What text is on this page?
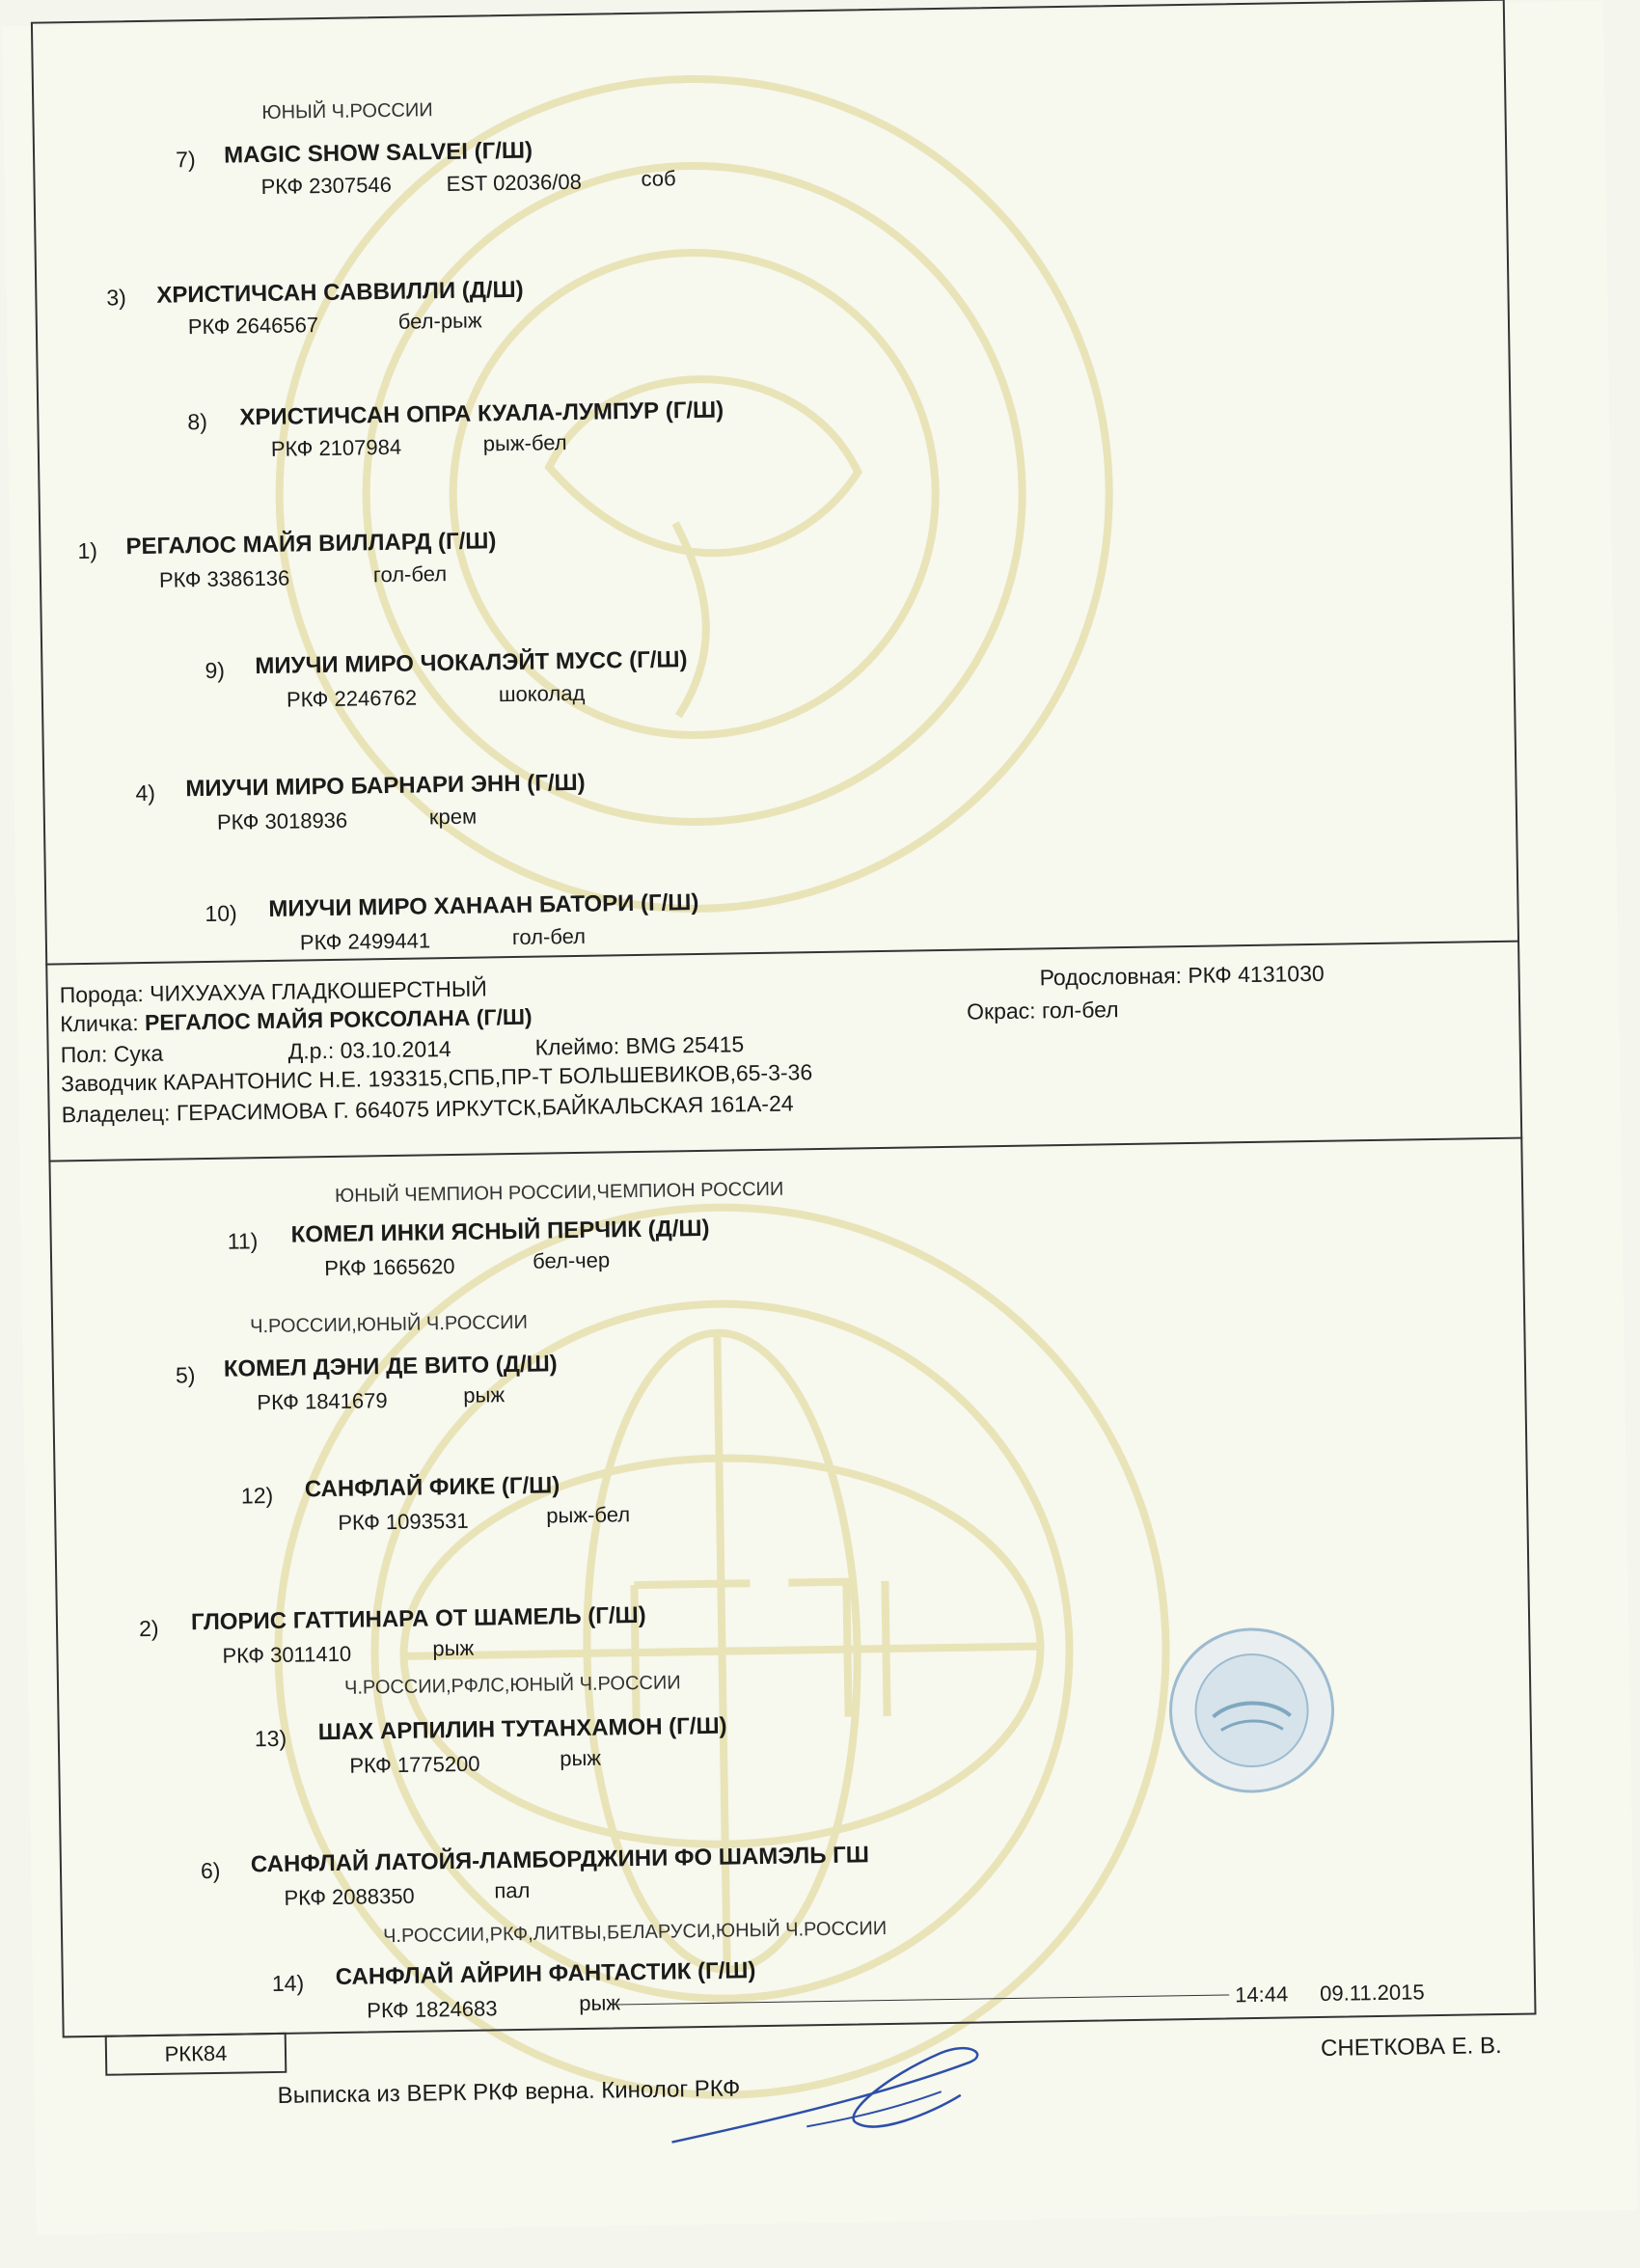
ЮНЫЙ Ч.РОССИИ
7) MAGIC SHOW SALVEI (Г/Ш)
РКФ 2307546	EST 02036/08	соб
3) ХРИСТИЧСАН САВВИЛЛИ (Д/Ш)
РКФ 2646567	бел-рыж
8) ХРИСТИЧСАН ОПРА КУАЛА-ЛУМПУР (Г/Ш)
РКФ 2107984	рыж-бел
1) РЕГАЛОС МАЙЯ ВИЛЛАРД (Г/Ш)
РКФ 3386136	гол-бел
9) МИУЧИ МИРО ЧОКАЛЭЙТ МУСС (Г/Ш)
РКФ 2246762	шоколад
4) МИУЧИ МИРО БАРНАРИ ЭНН (Г/Ш)
РКФ 3018936	крем
10) МИУЧИ МИРО ХАНААН БАТОРИ (Г/Ш)
РКФ 2499441	гол-бел
Порода: ЧИХУАХУА ГЛАДКОШЕРСТНЫЙ
Кличка: РЕГАЛОС МАЙЯ РОКСОЛАНА (Г/Ш)
Пол: Сука	Д.р.: 03.10.2014	Клеймо: BMG 25415
Заводчик КАРАНТОНИС Н.Е. 193315,СПБ,ПР-Т БОЛЬШЕВИКОВ,65-3-36
Владелец: ГЕРАСИМОВА Г. 664075 ИРКУТСК,БАЙКАЛЬСКАЯ 161А-24
Родословная: РКФ 4131030
Окрас: гол-бел
ЮНЫЙ ЧЕМПИОН РОССИИ,ЧЕМПИОН РОССИИ
11) КОМЕЛ ИНКИ ЯСНЫЙ ПЕРЧИК (Д/Ш)
РКФ 1665620	бел-чер
Ч.РОССИИ,ЮНЫЙ Ч.РОССИИ
5) КОМЕЛ ДЭНИ ДЕ ВИТО (Д/Ш)
РКФ 1841679	рыж
12) САНФЛАЙ ФИКЕ (Г/Ш)
РКФ 1093531	рыж-бел
2) ГЛОРИС ГАТТИНАРА ОТ ШАМЕЛЬ (Г/Ш)
РКФ 3011410	рыж
Ч.РОССИИ,РФЛС,ЮНЫЙ Ч.РОССИИ
13) ШАХ АРПИЛИН ТУТАНХАМОН (Г/Ш)
РКФ 1775200	рыж
6) САНФЛАЙ ЛАТОЙЯ-ЛАМБОРДЖИНИ ФО ШАМЭЛЬ ГШ
РКФ 2088350	пал
Ч.РОССИИ,РКФ,ЛИТВЫ,БЕЛАРУСИ,ЮНЫЙ Ч.РОССИИ
14) САНФЛАЙ АЙРИН ФАНТАСТИК (Г/Ш)
РКФ 1824683	рыж	14:44 09.11.2015
РКК84
Выписка из ВЕРК РКФ верна. Кинолог РКФ
СНЕТКОВА Е. В.
